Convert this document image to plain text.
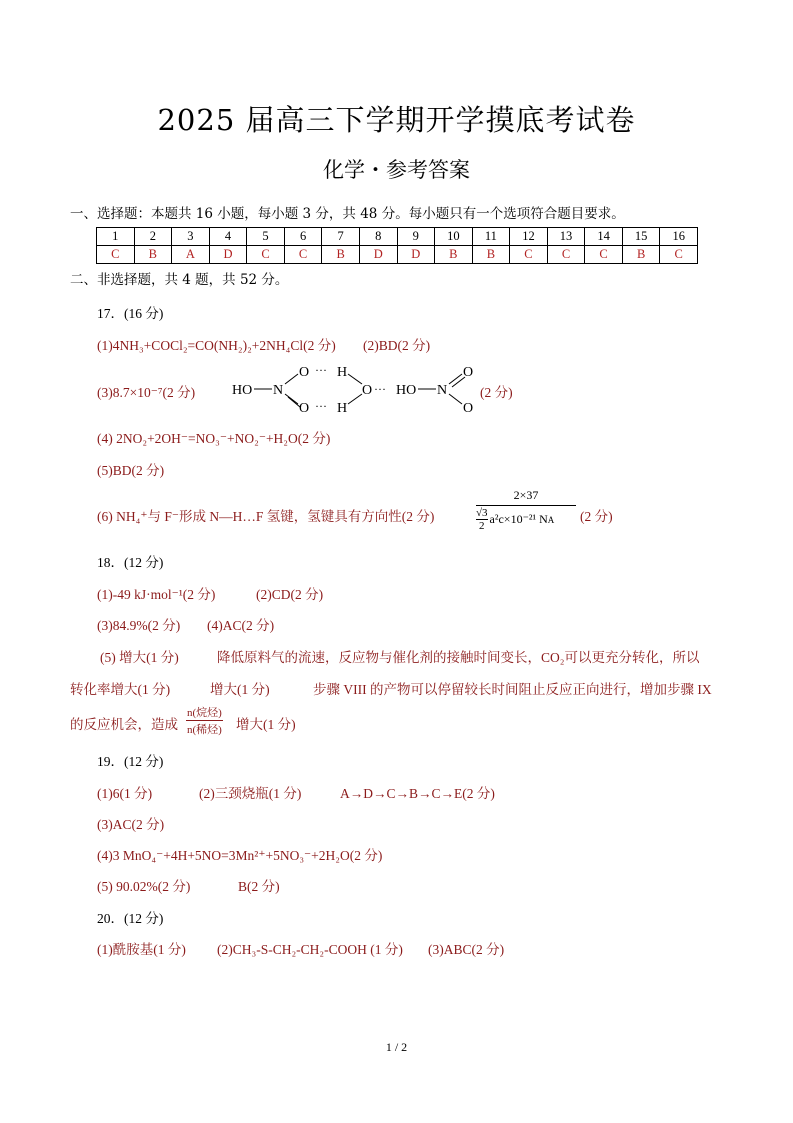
2025 届高三下学期开学摸底考试卷
化学・参考答案
一、选择题：本题共 16 小题，每小题 3 分，共 48 分。每小题只有一个选项符合题目要求。
1	2	3	4	5	6	7	8	9	10	11	12	13	14	15	16
C	B	A	D	C	C	B	D	D	B	B	C	C	C	B	C
二、非选择题，共 4 题，共 52 分。
17．(16 分)
(1)4NH₃+COCl₂=CO(NH₂)₂+2NH₄Cl(2 分) (2)BD(2 分)
(3)8.7×10⁻⁷(2 分)	HO N
O
O
···
···
H
H
O ··· HO N
O
O
(2 分)
(4) 2NO₂+2OH⁻=NO₃⁻+NO₂⁻+H₂O(2 分)
(5)BD(2 分)
(6) NH₄⁺与 F⁻形成 N—H…F 氢键，氢键具有方向性(2 分)
2×37
√3
2 a²c×10⁻²¹ N A (2 分)
18．(12 分)
(1)-49 kJ·mol⁻¹(2 分)	(2)CD(2 分)
(3)84.9%(2 分) (4)AC(2 分)
(5) 增大(1 分)	降低原料气的流速，反应物与催化剂的接触时间变长，CO₂可以更充分转化，所以
转化率增大(1 分)	增大(1 分)	步骤 VIII 的产物可以停留较长时间阻止反应正向进行，增加步骤 IX
的反应机会，造成
n(烷烃)
n(稀烃) 增大(1 分)
19．(12 分)
(1)6(1 分)	(2)三颈烧瓶(1 分)	A→D→C→B→C→E(2 分)
(3)AC(2 分)
(4)3 MnO₄⁻+4H+5NO=3Mn²⁺+5NO₃⁻+2H₂O(2 分)
(5) 90.02%(2 分)	B(2 分)
20．(12 分)
(1)酰胺基(1 分) (2)CH₃-S-CH₂-CH₂-COOH (1 分) (3)ABC(2 分)
1 / 2
